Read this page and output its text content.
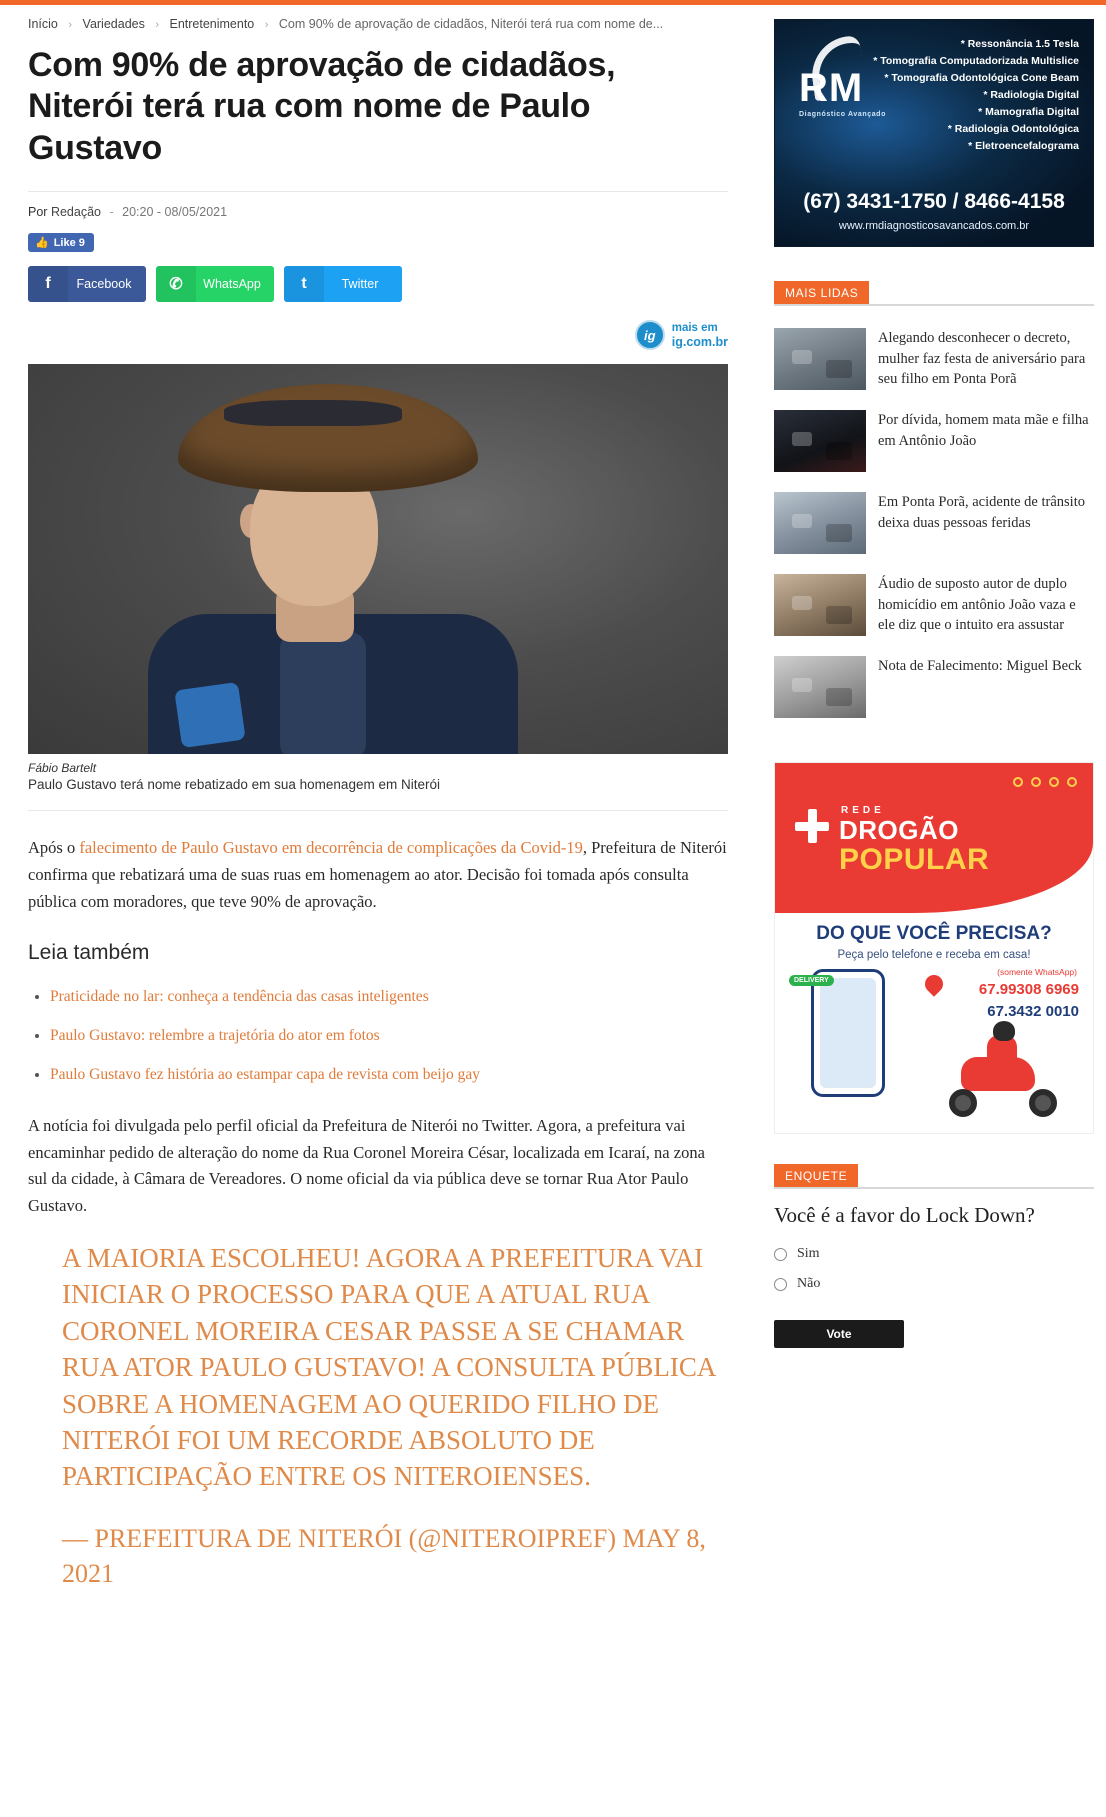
Início › Variedades › Entretenimento › Com 90% de aprovação de cidadãos, Niterói terá rua com nome de...
Com 90% de aprovação de cidadãos, Niterói terá rua com nome de Paulo Gustavo
Por Redação - 20:20 - 08/05/2021
👍 Like 9
f	Facebook	✆	WhatsApp	t	Twitter
ig
mais em
ig.com.br
Fábio Bartelt
Paulo Gustavo terá nome rebatizado em sua homenagem em Niterói

Após o falecimento de Paulo Gustavo em decorrência de complicações da Covid-19, Prefeitura de Niterói confirma que rebatizará uma de suas ruas em homenagem ao ator. Decisão foi tomada após consulta pública com moradores, que teve 90% de aprovação.

Leia também
• Praticidade no lar: conheça a tendência das casas inteligentes
• Paulo Gustavo: relembre a trajetória do ator em fotos
• Paulo Gustavo fez história ao estampar capa de revista com beijo gay

A notícia foi divulgada pelo perfil oficial da Prefeitura de Niterói no Twitter. Agora, a prefeitura vai encaminhar pedido de alteração do nome da Rua Coronel Moreira César, localizada em Icaraí, na zona sul da cidade, à Câmara de Vereadores. O nome oficial da via pública deve se tornar Rua Ator Paulo Gustavo.

A MAIORIA ESCOLHEU! AGORA A PREFEITURA VAI INICIAR O PROCESSO PARA QUE A ATUAL RUA CORONEL MOREIRA CESAR PASSE A SE CHAMAR RUA ATOR PAULO GUSTAVO! A CONSULTA PÚBLICA SOBRE A HOMENAGEM AO QUERIDO FILHO DE NITERÓI FOI UM RECORDE ABSOLUTO DE PARTICIPAÇÃO ENTRE OS NITEROIENSES.

— PREFEITURA DE NITERÓI (@NITEROIPREF) MAY 8, 2021

RM
Diagnóstico Avançado
* Ressonância 1.5 Tesla
* Tomografia Computadorizada Multislice
* Tomografia Odontológica Cone Beam
* Radiologia Digital
* Mamografia Digital
* Radiologia Odontológica
* Eletroencefalograma
(67) 3431-1750 / 8466-4158
www.rmdiagnosticosavancados.com.br
MAIS LIDAS
Alegando desconhecer o decreto, mulher faz festa de aniversário para seu filho em Ponta Porã
Por dívida, homem mata mãe e filha em Antônio João
Em Ponta Porã, acidente de trânsito deixa duas pessoas feridas
Áudio de suposto autor de duplo homicídio em antônio João vaza e ele diz que o intuito era assustar
Nota de Falecimento: Miguel Beck
REDE
DROGÃO
POPULAR
DO QUE VOCÊ PRECISA?
Peça pelo telefone e receba em casa!
DELIVERY
(somente WhatsApp)
67.99308 6969
67.3432 0010
ENQUETE
Você é a favor do Lock Down?
Sim
Não
Vote
